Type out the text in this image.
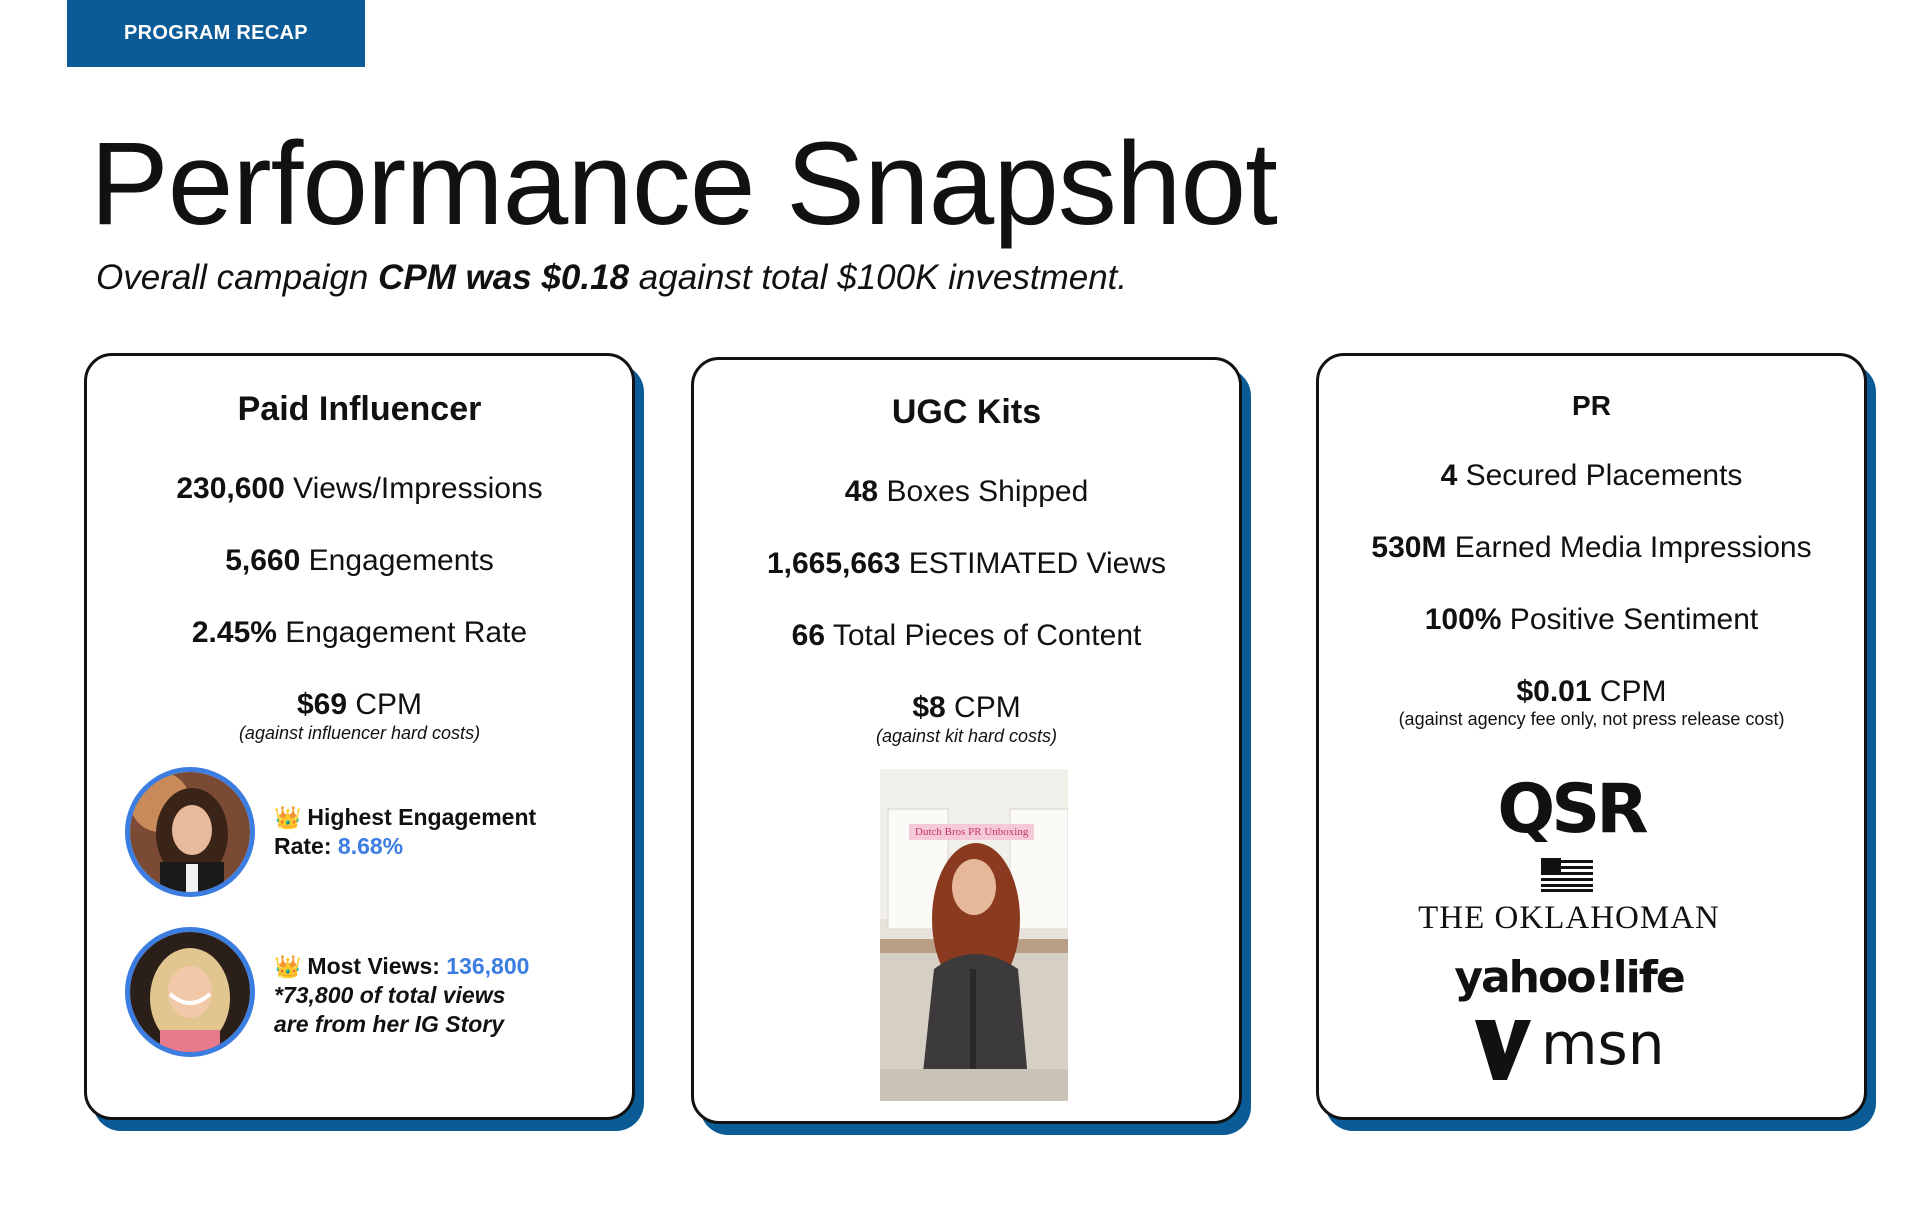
PROGRAM RECAP
Performance Snapshot

Overall campaign CPM was $0.18 against total $100K investment.

Paid Influencer
230,600 Views/Impressions
5,660 Engagements
2.45% Engagement Rate
$69 CPM
(against influencer hard costs)
👑 Highest Engagement
Rate: 8.68%
👑 Most Views: 136,800
*73,800 of total views
are from her IG Story
UGC Kits
48 Boxes Shipped
1,665,663 ESTIMATED Views
66 Total Pieces of Content
$8 CPM
(against kit hard costs)
Dutch Bros PR Unboxing
PR
4 Secured Placements
530M Earned Media Impressions
100% Positive Sentiment
$0.01 CPM
(against agency fee only, not press release cost)
QSR
THE OKLAHOMAN
yahoo!life
msn
